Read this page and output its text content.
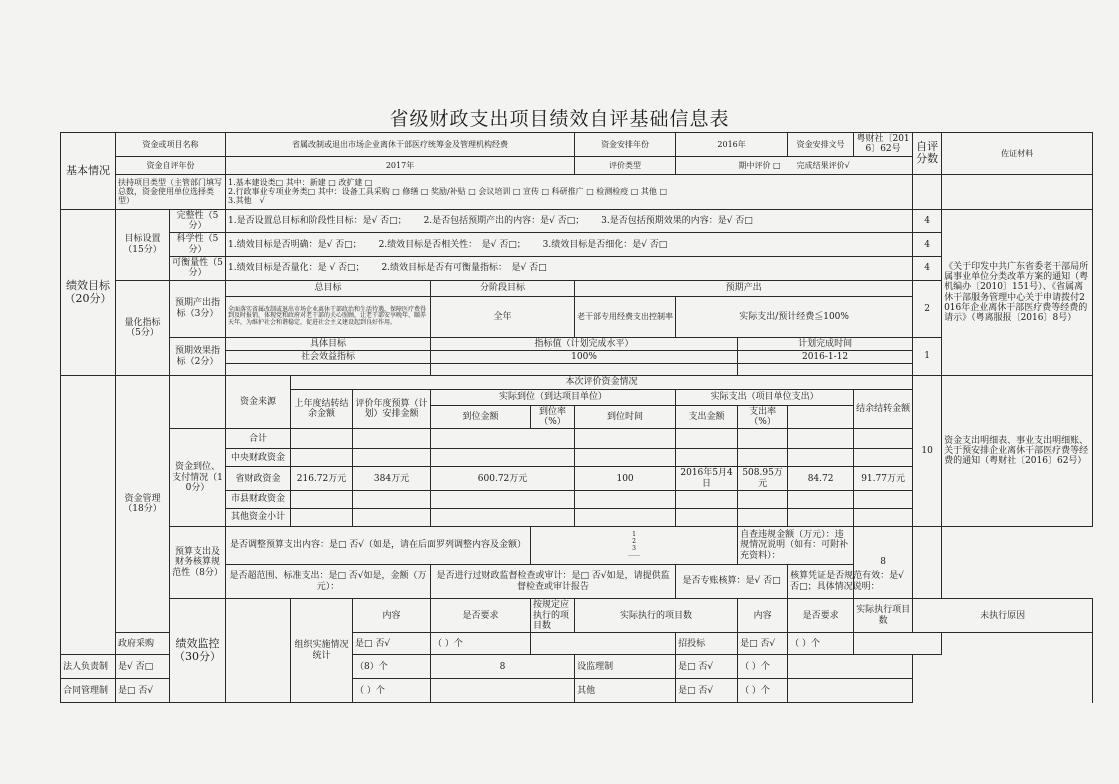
省级财政支出项目绩效自评基础信息表
基本情况	资金或项目名称		省属改制或退出市场企业离休干部医疗统筹金及管理机构经费					资金安排年份	2016年		资金安排文号	粤财社〔2016〕62号	自评分数	佐证材料	
	资金自评年份		2017年					评价类型	期中评价 □　　完成结果评价√						
	扶持项目类型（主管部门填写总数，资金使用单位选择类型）		1.基本建设类□ 其中：新建 □ 改扩建 □
2.行政事业专项业务类□ 其中：设备工具采购 □ 修缮 □ 奖励/补贴 □ 会议培训 □ 宣传 □ 科研推广 □ 检测检疫 □ 其他 □
3.其他　√												

绩效目标（20分）	目标设置（15分）	完整性（5分）	1.是否设置总目标和阶段性目标：是√ 否□； 2.是否包括预期产出的内容：是√ 否□； 3.是否包括预期效果的内容：是√ 否□										4	《关于印发中共广东省委老干部局所属事业单位分类改革方案的通知（粤机编办〔2010〕151号）、《省属离休干部服务管理中心关于申请拨付2016年企业离休干部医疗费等经费的请示》（粤离服报〔2016〕8号）	
		科学性（5分）	1.绩效目标是否明确：是√ 否□； 2.绩效目标是否相关性：　是√ 否□； 3.绩效目标是否细化：是√ 否□										4		
		可衡量性（5分）	1.绩效目标是否量化：是 √ 否□； 2.绩效目标是否有可衡量指标：　是√ 否□										4		
	量化指标（5分）	预期产出指标（3分）	总目标			分阶段目标		预期产出					2		
			全面落实省属改制或退出市场企业离休干部政治和生活待遇，保障医疗费得到及时报销，体现党和政府对老干部的关心照顾，让老干部安享晚年、颐养天年，为维护社会和谐稳定，促进社会主义建设起到良好作用。			全年		老干部专用经费支出控制率	实际支出/预计经费≦100%						
		预期效果指标（2分）	具体目标			指标值（计划完成水平）				计划完成时间			1		
			社会效益指标			100%				2016-1-12					

	资金管理（18分）		资金来源	本次评价资金情况									10	资金支出明细表、事业支出明细账、关于预安排企业离休干部医疗费等经费的通知（粤财社〔2016〕62号）	
				上年度结转结余金额	评价年度预算（计划）安排金额	实际到位（到达项目单位）			实际支出（项目单位支出）			结余结转金额			
						到位金额	到位率（%）	到位时间	支出金额	支出率（%）					
		资金到位、支付情况（10分）	合计												
			中央财政资金												
			省财政资金	216.72万元	384万元	600.72万元		100	2016年5月4日	508.95万元	84.72	91.77万元			
			市县财政资金												
			其他资金小计												
		预算支出及财务核算规范性（8分）	是否调整预算支出内容：是□ 否√（如是，请在后面罗列调整内容及金额）				1
2
3
……			自查违规金额（万元）：违规情况说明（如有：可附补充资料）：		8			
			是否超范围、标准支出：是□ 否√如是，金额（万元）：			是否进行过财政监督检查或审计：是□ 否√如是，请提供监督检查或审计报告			是否专账核算：是√ 否□		核算凭证是否规范有效：是√ 否□；具体情况说明：				
		绩效监控（30分）		组织实施情况统计	内容	是否要求	按规定应执行的项目数	实际执行的项目数		内容	是否要求	实际执行项目数	未执行原因		
	政府采购				是□ 否√	（ ）个			招投标	是□ 否√	（ ）个				
法人负责制	是√ 否□				（8）个	8		设监理制	是□ 否√	（ ）个					
合同管理制	是□ 否√				（ ）个			其他	是□ 否√	（ ）个					
